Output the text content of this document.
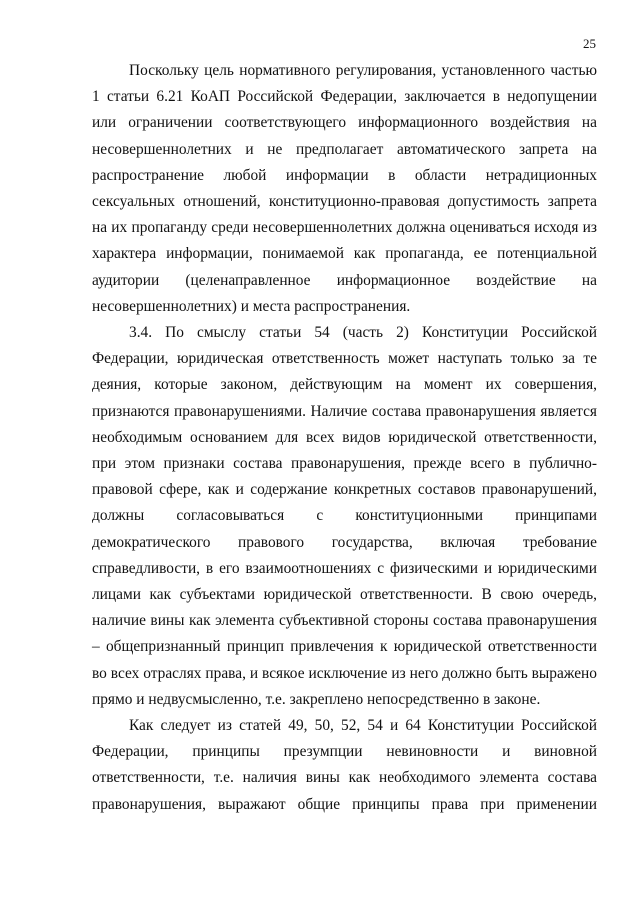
25

Поскольку цель нормативного регулирования, установленного частью 1 статьи 6.21 КоАП Российской Федерации, заключается в недопущении или ограничении соответствующего информационного воздействия на несовершеннолетних и не предполагает автоматического запрета на распространение любой информации в области нетрадиционных сексуальных отношений, конституционно-правовая допустимость запрета на их пропаганду среди несовершеннолетних должна оцениваться исходя из характера информации, понимаемой как пропаганда, ее потенциальной аудитории (целенаправленное информационное воздействие на несовершеннолетних) и места распространения.

3.4. По смыслу статьи 54 (часть 2) Конституции Российской Федерации, юридическая ответственность может наступать только за те деяния, которые законом, действующим на момент их совершения, признаются правонарушениями. Наличие состава правонарушения является необходимым основанием для всех видов юридической ответственности, при этом признаки состава правонарушения, прежде всего в публично-правовой сфере, как и содержание конкретных составов правонарушений, должны согласовываться с конституционными принципами демократического правового государства, включая требование справедливости, в его взаимоотношениях с физическими и юридическими лицами как субъектами юридической ответственности. В свою очередь, наличие вины как элемента субъективной стороны состава правонарушения – общепризнанный принцип привлечения к юридической ответственности во всех отраслях права, и всякое исключение из него должно быть выражено прямо и недвусмысленно, т.е. закреплено непосредственно в законе.

Как следует из статей 49, 50, 52, 54 и 64 Конституции Российской Федерации, принципы презумпции невиновности и виновной ответственности, т.е. наличия вины как необходимого элемента состава правонарушения, выражают общие принципы права при применении
